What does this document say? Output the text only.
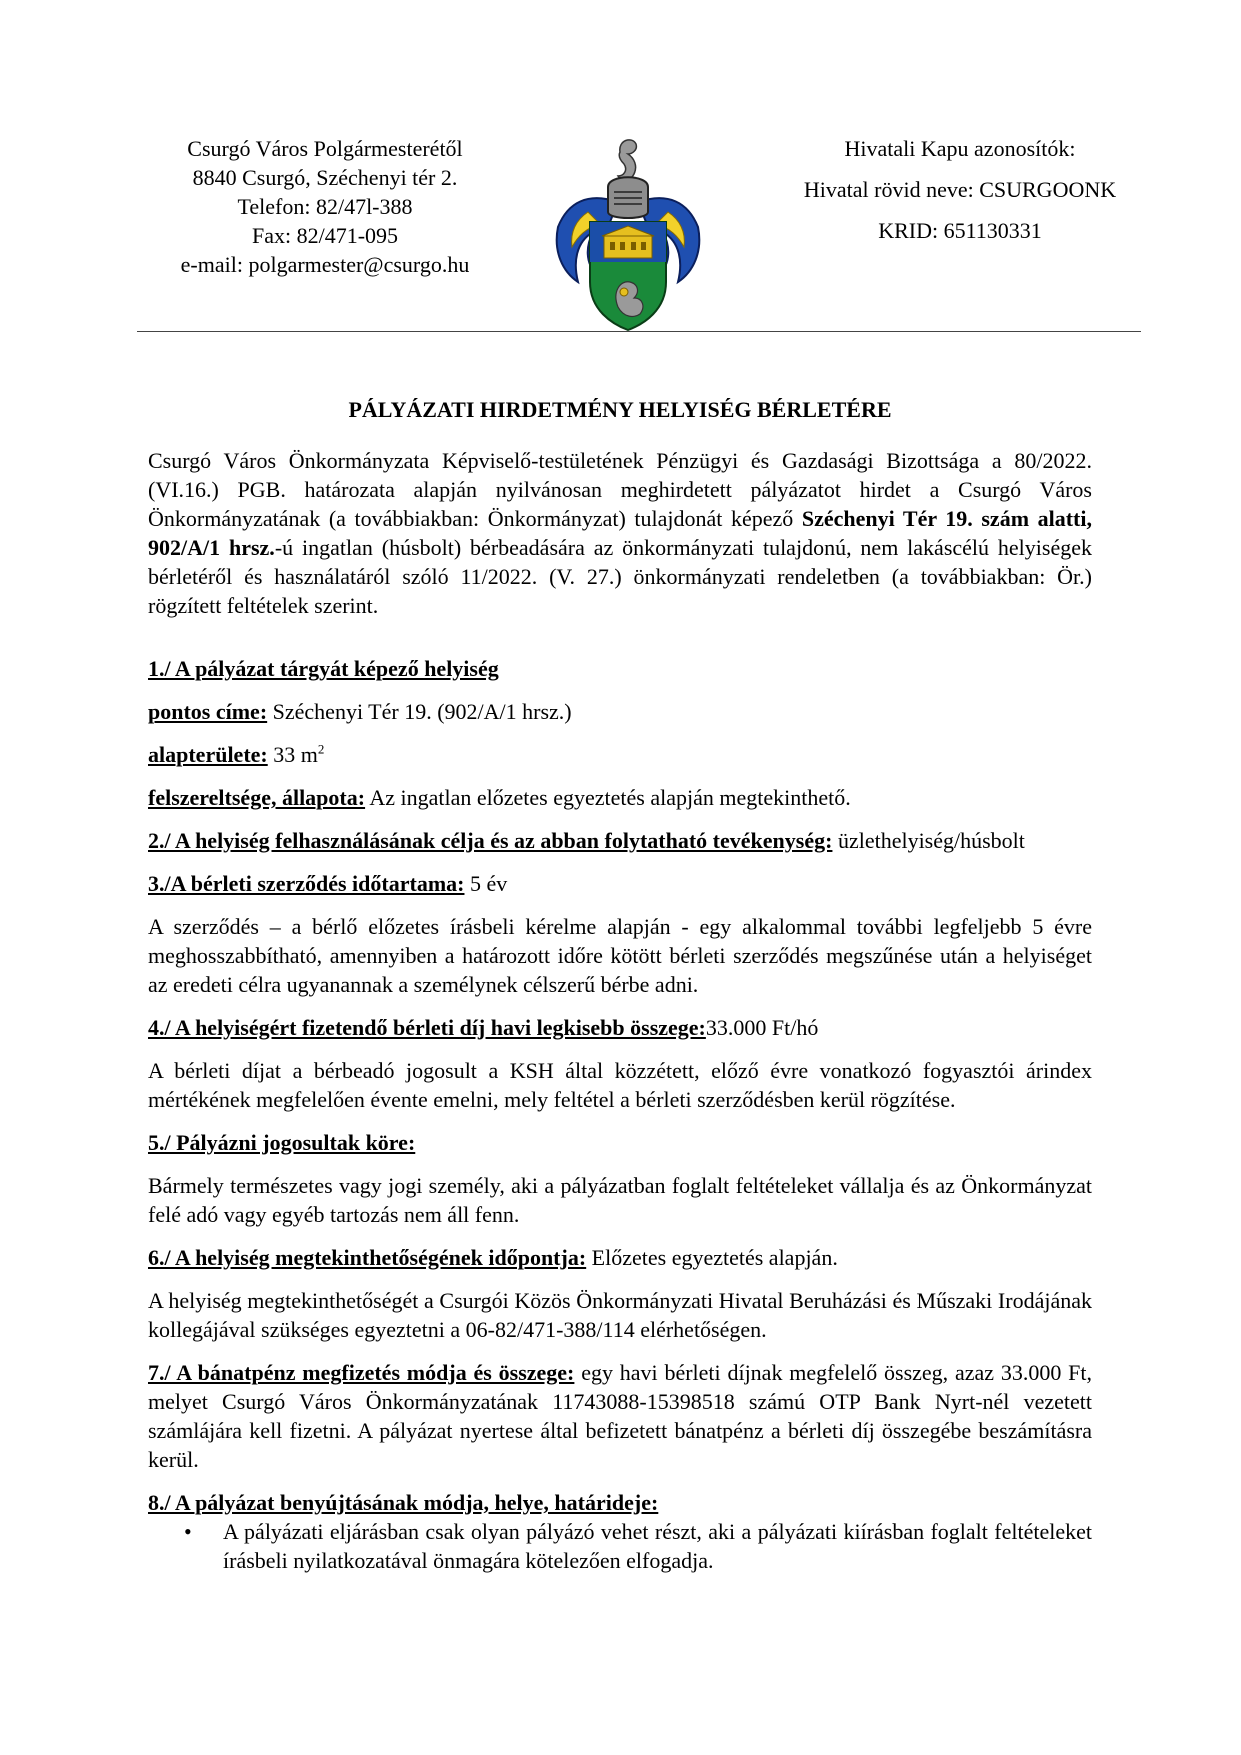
Csurgó Város Polgármesterétől
8840 Csurgó, Széchenyi tér 2.
Telefon: 82/47l-388
Fax: 82/471-095
e-mail: polgarmester@csurgo.hu
Hivatali Kapu azonosítók:
Hivatal rövid neve: CSURGOONK
KRID: 651130331
PÁLYÁZATI HIRDETMÉNY HELYISÉG BÉRLETÉRE

Csurgó Város Önkormányzata Képviselő-testületének Pénzügyi és Gazdasági Bizottsága a 80/2022. (VI.16.) PGB. határozata alapján nyilvánosan meghirdetett pályázatot hirdet a Csurgó Város Önkormányzatának (a továbbiakban: Önkormányzat) tulajdonát képező Széchenyi Tér 19. szám alatti, 902/A/1 hrsz.-ú ingatlan (húsbolt) bérbeadására az önkormányzati tulajdonú, nem lakáscélú helyiségek bérletéről és használatáról szóló 11/2022. (V. 27.) önkormányzati rendeletben (a továbbiakban: Ör.) rögzített feltételek szerint.

1./ A pályázat tárgyát képező helyiség

pontos címe: Széchenyi Tér 19. (902/A/1 hrsz.)

alapterülete: 33 $m^2$

felszereltsége, állapota: Az ingatlan előzetes egyeztetés alapján megtekinthető.

2./ A helyiség felhasználásának célja és az abban folytatható tevékenység: üzlethelyiség/húsbolt

3./A bérleti szerződés időtartama: 5 év

A szerződés – a bérlő előzetes írásbeli kérelme alapján - egy alkalommal további legfeljebb 5 évre meghosszabbítható, amennyiben a határozott időre kötött bérleti szerződés megszűnése után a helyiséget az eredeti célra ugyanannak a személynek célszerű bérbe adni.

4./ A helyiségért fizetendő bérleti díj havi legkisebb összege:33.000 Ft/hó

A bérleti díjat a bérbeadó jogosult a KSH által közzétett, előző évre vonatkozó fogyasztói árindex mértékének megfelelően évente emelni, mely feltétel a bérleti szerződésben kerül rögzítése.

5./ Pályázni jogosultak köre:

Bármely természetes vagy jogi személy, aki a pályázatban foglalt feltételeket vállalja és az Önkormányzat felé adó vagy egyéb tartozás nem áll fenn.

6./ A helyiség megtekinthetőségének időpontja: Előzetes egyeztetés alapján.

A helyiség megtekinthetőségét a Csurgói Közös Önkormányzati Hivatal Beruházási és Műszaki Irodájának kollegájával szükséges egyeztetni a 06-82/471-388/114 elérhetőségen.

7./ A bánatpénz megfizetés módja és összege: egy havi bérleti díjnak megfelelő összeg, azaz 33.000 Ft, melyet Csurgó Város Önkormányzatának 11743088-15398518 számú OTP Bank Nyrt-nél vezetett számlájára kell fizetni. A pályázat nyertese által befizetett bánatpénz a bérleti díj összegébe beszámításra kerül.

8./ A pályázat benyújtásának módja, helye, határideje:

• A pályázati eljárásban csak olyan pályázó vehet részt, aki a pályázati kiírásban foglalt feltételeket írásbeli nyilatkozatával önmagára kötelezően elfogadja.
